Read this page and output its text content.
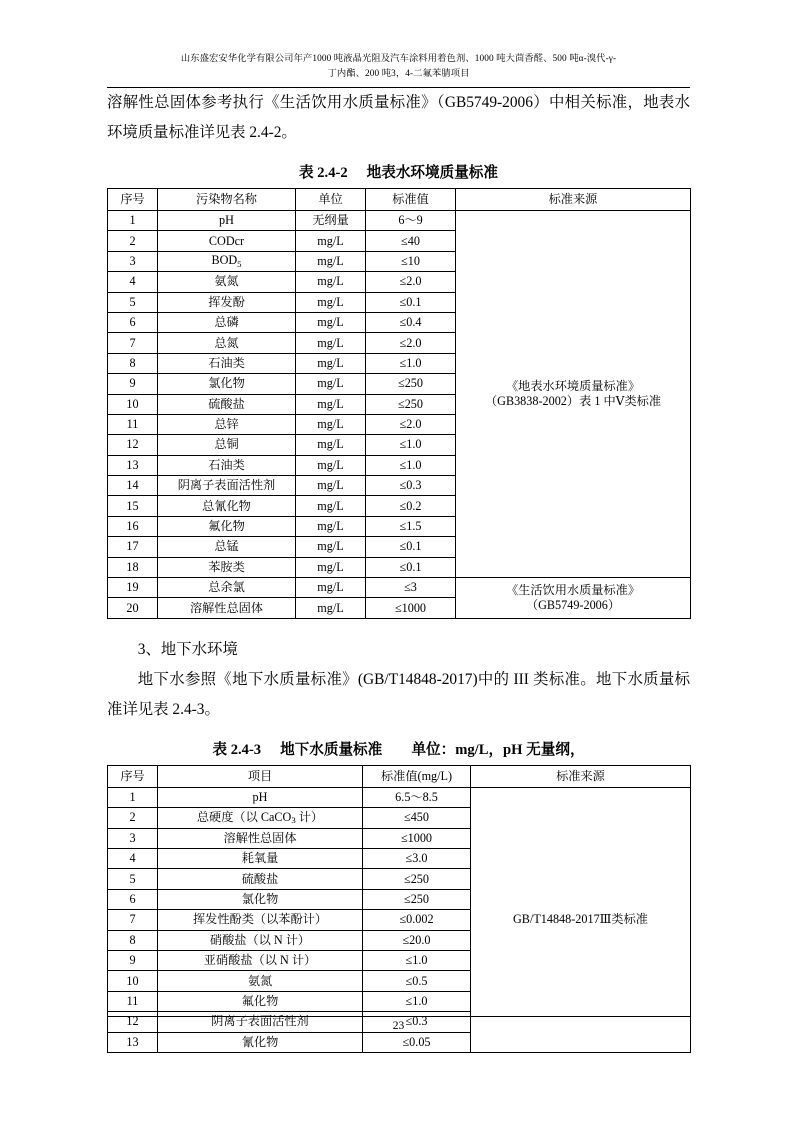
山东盛宏安华化学有限公司年产1000 吨液晶光阻及汽车涂料用着色剂、1000 吨大茴香醛、500 吨α-溴代-γ-
丁内酯、200 吨3，4-二氟苯腈项目

溶解性总固体参考执行《生活饮用水质量标准》（GB5749-2006）中相关标准，地表水环境质量标准详见表 2.4-2。

表 2.4-2 地表水环境质量标准
序号	污染物名称	单位	标准值	标准来源
1	pH	无纲量	6～9	《地表水环境质量标准》
（GB3838-2002）表 1 中Ⅴ类标准

2	CODcr	mg/L	≤40	
3	$BOD_5$	mg/L	≤10	
4	氨氮	mg/L	≤2.0	
5	挥发酚	mg/L	≤0.1	
6	总磷	mg/L	≤0.4	
7	总氮	mg/L	≤2.0	
8	石油类	mg/L	≤1.0	
9	氯化物	mg/L	≤250	
10	硫酸盐	mg/L	≤250	
11	总锌	mg/L	≤2.0	
12	总铜	mg/L	≤1.0	
13	石油类	mg/L	≤1.0	
14	阴离子表面活性剂	mg/L	≤0.3	
15	总氰化物	mg/L	≤0.2	
16	氟化物	mg/L	≤1.5	
17	总锰	mg/L	≤0.1	
18	苯胺类	mg/L	≤0.1	
19	总余氯	mg/L	≤3	《生活饮用水质量标准》
（GB5749-2006）

20	溶解性总固体	mg/L	≤1000	

3、地下水环境

地下水参照《地下水质量标准》(GB/T14848-2017)中的 III 类标准。地下水质量标准详见表 2.4-3。

表 2.4-3 地下水质量标准 单位：mg/L，pH 无量纲，
序号	项目	标准值(mg/L)	标准来源
1	pH	6.5～8.5	GB/T14848-2017Ⅲ类标准
2	总硬度（以 CaCO$_3$ 计）	≤450	
3	溶解性总固体	≤1000	
4	耗氧量	≤3.0	
5	硫酸盐	≤250	
6	氯化物	≤250	
7	挥发性酚类（以苯酚计）	≤0.002	
8	硝酸盐（以 N 计）	≤20.0	
9	亚硝酸盐（以 N 计）	≤1.0	
10	氨氮	≤0.5	
11	氟化物	≤1.0	
12	阴离子表面活性剂	≤0.3	
13	氰化物	≤0.05	
23
